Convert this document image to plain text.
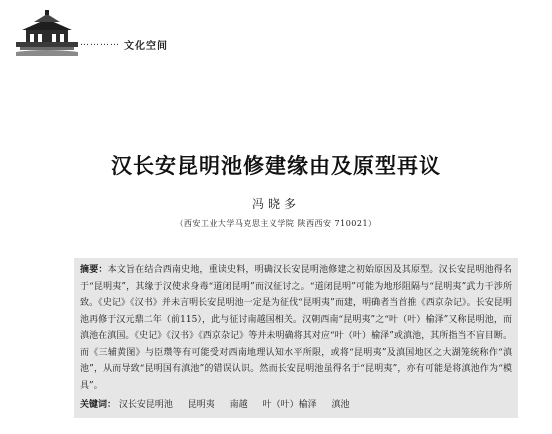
………… 文化空间
汉长安昆明池修建缘由及原型再议
冯晓多
（西安工业大学马克思主义学院 陕西西安 710021）
摘要：本文旨在结合西南史地，重读史料，明确汉长安昆明池修建之初始原因及其原型。汉长安昆明池得名于“昆明夷”，其缘于汉使求身毒“道闭昆明”而汉征讨之。“道闭昆明”可能为地形阻隔与“昆明夷”武力干涉所致。《史记》《汉书》并未言明长安昆明池一定是为征伐“昆明夷”而建，明确者当首推《西京杂记》。长安昆明池再修于汉元鼎二年（前115），此与征讨南越国相关。汉朝西南“昆明夷”之“叶（叶）榆泽”又称昆明池，而滇池在滇国。《史记》《汉书》《西京杂记》等并未明确将其对应“叶（叶）榆泽”或滇池，其所指当不盲目断。而《三辅黄图》与臣瓒等有可能受对西南地理认知水平所限，或将“昆明夷”及滇国地区之大湖笼统称作“滇池”，从而导致“昆明国有滇池”的错误认识。然而长安昆明池虽得名于“昆明夷”，亦有可能是将滇池作为“模具”。
关键词： 汉长安昆明池 昆明夷 南越 叶（叶）榆泽 滇池
